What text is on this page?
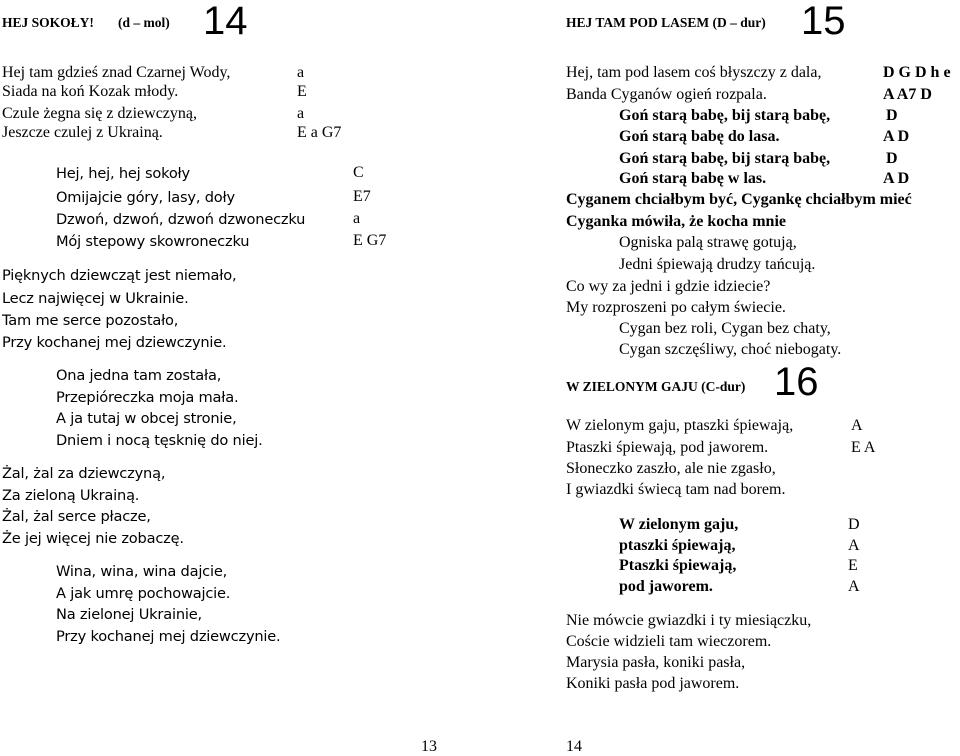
HEJ SOKOŁY! (d – mol) 14
Hej tam gdzieś znad Czarnej Wody,	a
Siada na koń Kozak młody.	E
Czule żegna się z dziewczyną,	a
Jeszcze czulej z Ukrainą.	E a G7
Hej, hej, hej sokoły	C
Omijajcie góry, lasy, doły	E7
Dzwoń, dzwoń, dzwoń dzwoneczku	a
Mój stepowy skowroneczku	E G7
Pięknych dziewcząt jest niemało,
Lecz najwięcej w Ukrainie.
Tam me serce pozostało,
Przy kochanej mej dziewczynie.
Ona jedna tam została,
Przepióreczka moja mała.
A ja tutaj w obcej stronie,
Dniem i nocą tęsknię do niej.
Żal, żal za dziewczyną,
Za zieloną Ukrainą.
Żal, żal serce płacze,
Że jej więcej nie zobaczę.
Wina, wina, wina dajcie,
A jak umrę pochowajcie.
Na zielonej Ukrainie,
Przy kochanej mej dziewczynie.
13
HEJ TAM POD LASEM (D – dur) 15
Hej, tam pod lasem coś błyszczy z dala,	D G D h e
Banda Cyganów ogień rozpala.	A A7 D
Goń starą babę, bij starą babę,	D
Goń starą babę do lasa.	A D
Goń starą babę, bij starą babę,	D
Goń starą babę w las.	A D
Cyganem chciałbym być, Cygankę chciałbym mieć
Cyganka mówiła, że kocha mnie
Ogniska palą strawę gotują,
Jedni śpiewają drudzy tańcują.
Co wy za jedni i gdzie idziecie?
My rozproszeni po całym świecie.
Cygan bez roli, Cygan bez chaty,
Cygan szczęśliwy, choć niebogaty.
W ZIELONYM GAJU (C-dur) 16
W zielonym gaju, ptaszki śpiewają,	A
Ptaszki śpiewają, pod jaworem.	E A
Słoneczko zaszło, ale nie zgasło,
I gwiazdki świecą tam nad borem.
W zielonym gaju,	D
ptaszki śpiewają,	A
Ptaszki śpiewają,	E
pod jaworem.	A
Nie mówcie gwiazdki i ty miesiączku,
Coście widzieli tam wieczorem.
Marysia pasła, koniki pasła,
Koniki pasła pod jaworem.
14
